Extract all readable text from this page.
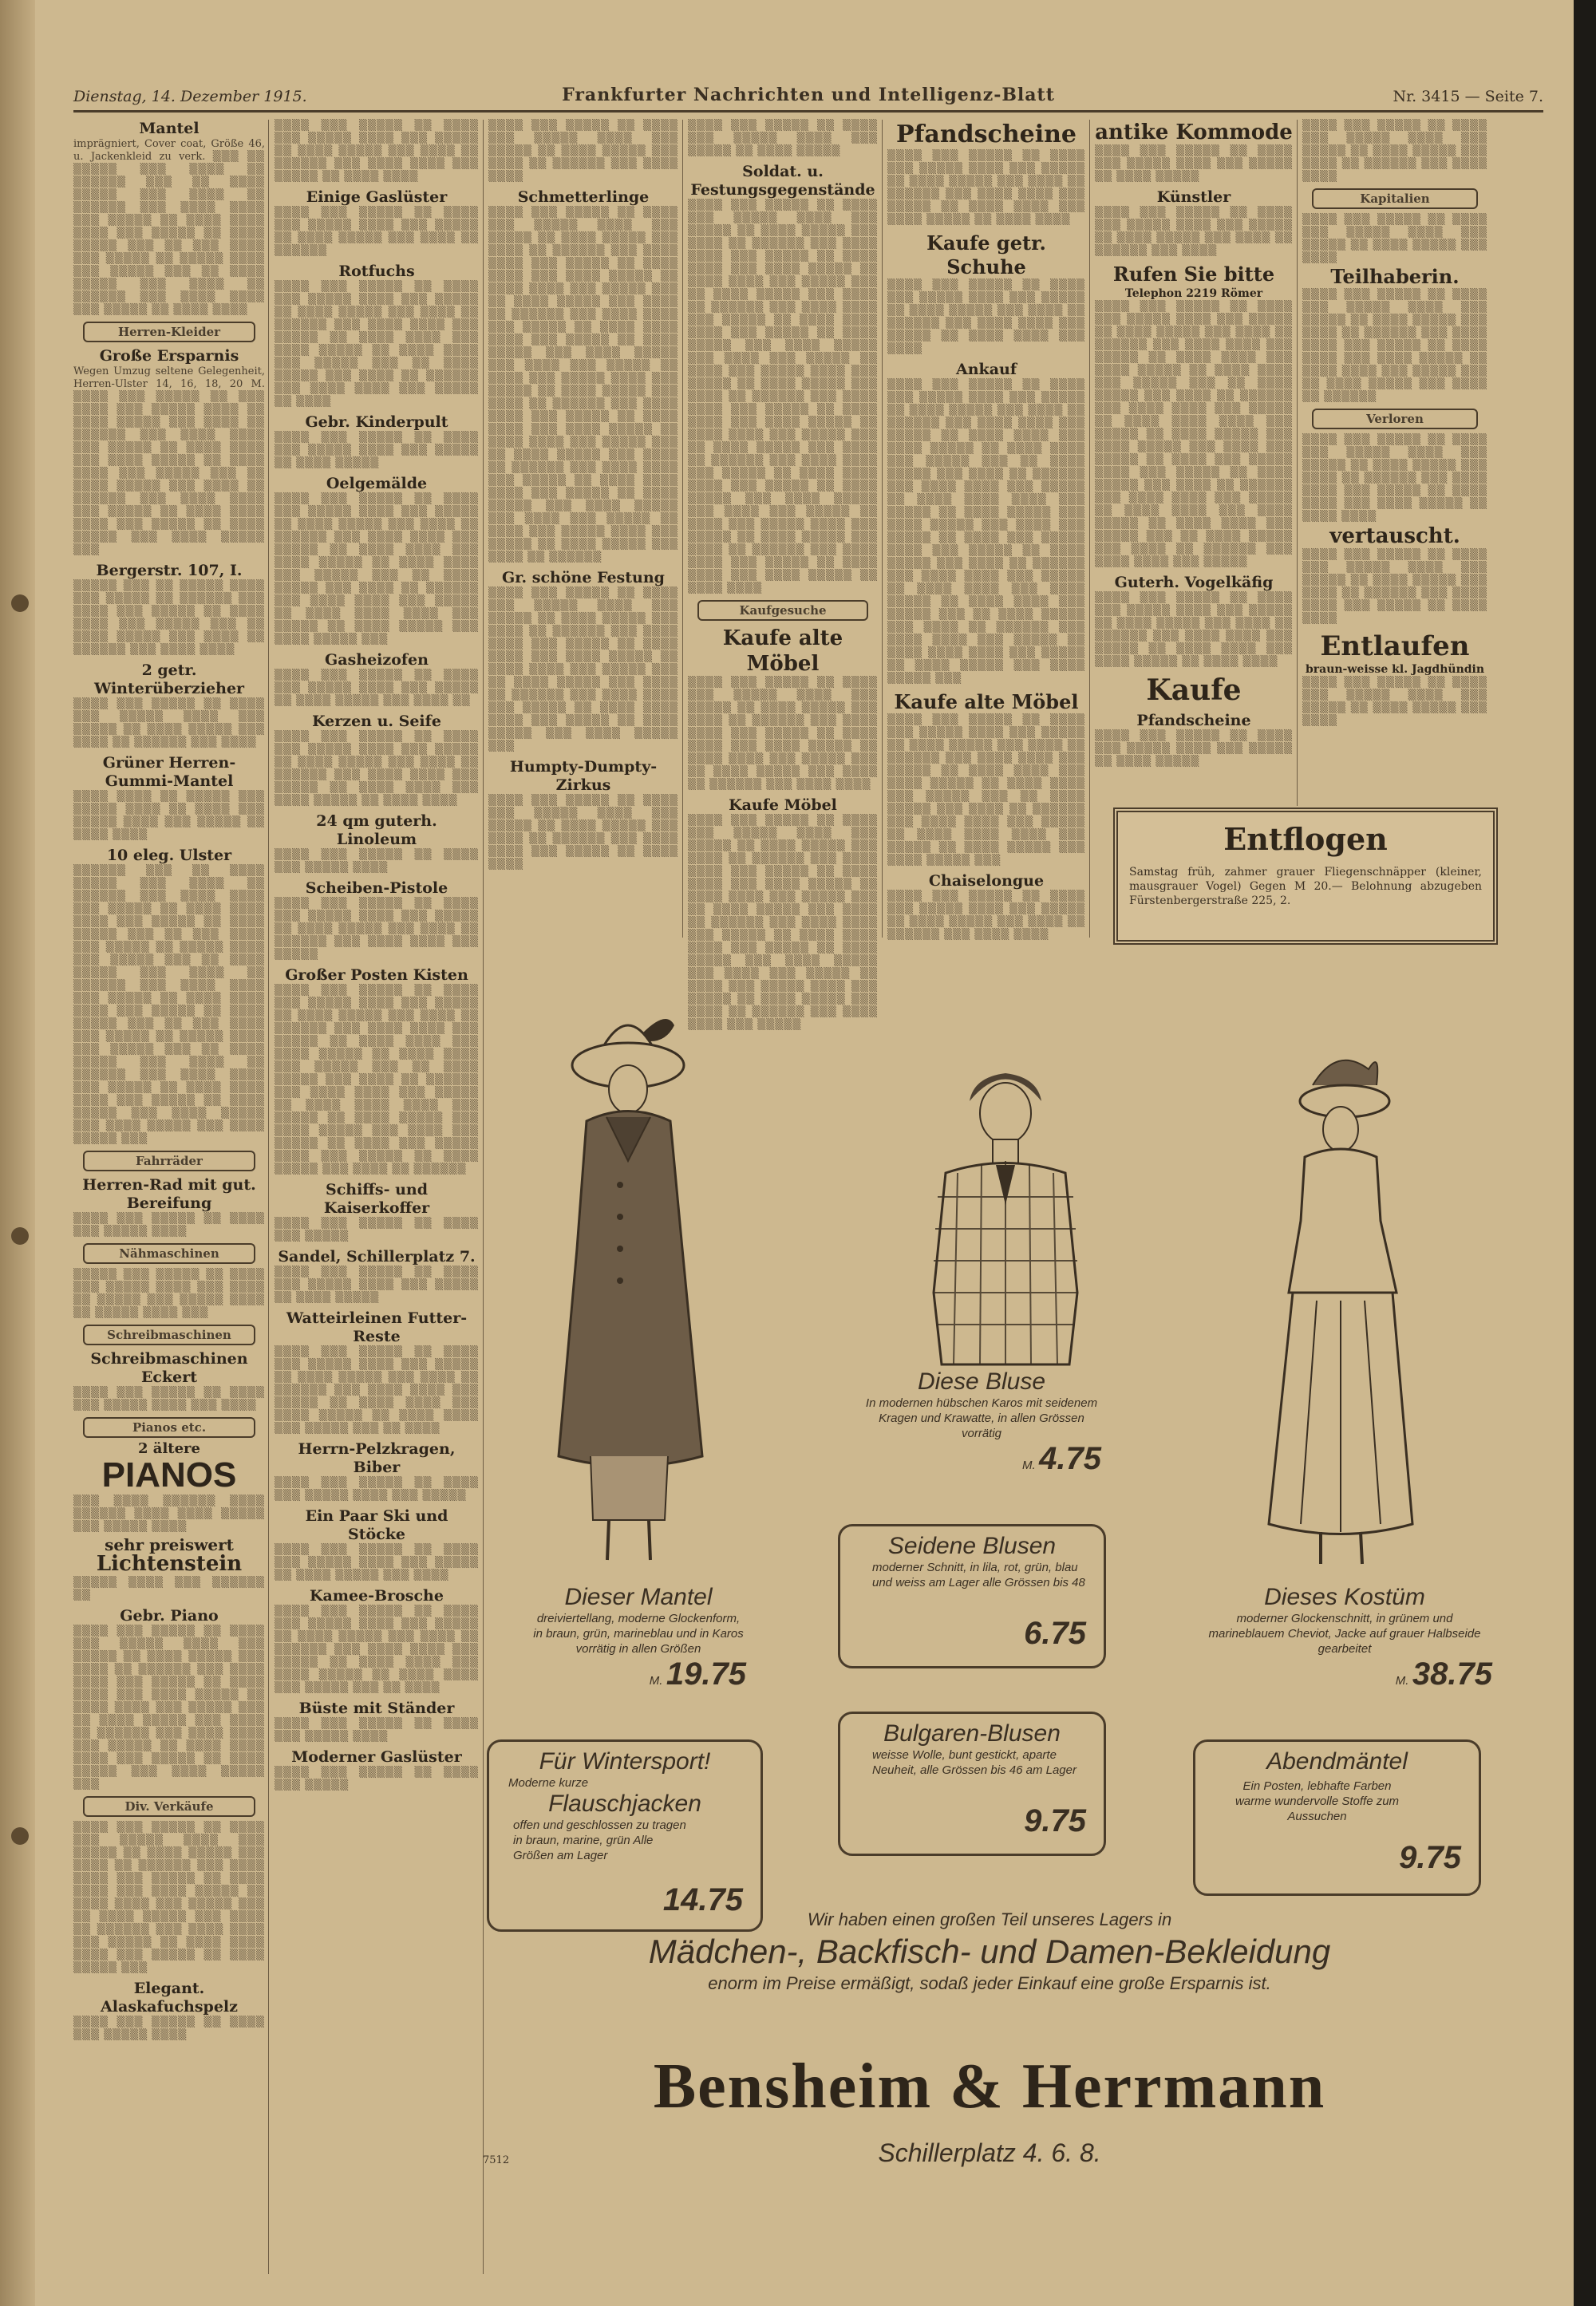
Dienstag, 14. Dezember 1915.	Frankfurter Nachrichten und Intelligenz-Blatt	Nr. 3415 — Seite 7.
Mantel
imprägniert, Cover coat, Größe 46, u. Jackenkleid zu verk. ▒▒▒ ▒▒ ▒▒▒▒▒ ▒▒▒ ▒▒▒▒ ▒▒ ▒▒▒▒▒▒ ▒▒▒ ▒▒ ▒▒▒▒ ▒▒▒▒▒ ▒▒▒ ▒▒▒▒ ▒▒ ▒▒▒▒▒▒ ▒▒▒ ▒▒▒▒ ▒▒▒▒ ▒▒▒ ▒▒▒▒▒ ▒▒ ▒▒▒▒ ▒▒▒▒ ▒▒▒▒ ▒▒▒ ▒▒▒▒▒ ▒▒ ▒▒▒▒ ▒▒▒▒▒ ▒▒▒ ▒▒ ▒▒▒ ▒▒▒▒ ▒▒▒ ▒▒▒▒▒ ▒▒ ▒▒▒▒▒ ▒▒▒▒ ▒▒▒ ▒▒▒▒▒ ▒▒▒ ▒▒ ▒▒▒▒ ▒▒▒▒▒ ▒▒▒ ▒▒▒▒ ▒▒ ▒▒▒▒▒▒ ▒▒▒ ▒▒▒▒ ▒▒▒▒ ▒▒▒ ▒▒▒▒▒ ▒▒ ▒▒▒▒ ▒▒▒▒
Herren-Kleider
Große Ersparnis
Wegen Umzug seltene Gelegenheit, Herren-Ulster 14, 16, 18, 20 M. ▒▒▒▒ ▒▒▒ ▒▒▒▒▒ ▒▒ ▒▒▒ ▒▒▒▒ ▒▒▒ ▒▒▒▒▒ ▒▒▒▒ ▒▒ ▒▒▒▒ ▒▒▒▒▒ ▒▒▒ ▒▒▒▒ ▒▒ ▒▒▒▒▒▒ ▒▒▒ ▒▒▒▒ ▒▒▒▒ ▒▒▒ ▒▒▒▒▒ ▒▒ ▒▒▒▒ ▒▒▒▒ ▒▒▒ ▒▒▒▒ ▒▒▒▒▒ ▒▒ ▒▒▒▒ ▒▒▒▒ ▒▒▒ ▒▒▒▒▒ ▒▒▒ ▒▒ ▒▒▒▒ ▒▒▒▒▒ ▒▒▒ ▒▒▒▒ ▒▒ ▒▒▒▒▒▒ ▒▒▒ ▒▒▒▒ ▒▒▒▒ ▒▒▒ ▒▒▒▒▒ ▒▒ ▒▒▒▒ ▒▒▒▒ ▒▒▒▒ ▒▒▒ ▒▒▒▒▒ ▒▒ ▒▒▒▒ ▒▒▒▒▒ ▒▒▒ ▒▒▒▒ ▒▒▒▒▒ ▒▒▒
Bergerstr. 107, I.
▒▒▒▒▒ ▒▒▒ ▒▒ ▒▒▒▒▒ ▒▒▒▒ ▒▒▒ ▒▒▒▒▒ ▒▒ ▒▒▒▒▒▒ ▒▒▒ ▒▒▒▒ ▒▒▒ ▒▒▒▒▒ ▒▒ ▒▒▒▒ ▒▒▒▒ ▒▒▒ ▒▒▒▒▒ ▒▒▒ ▒▒ ▒▒▒▒ ▒▒▒▒▒ ▒▒▒ ▒▒▒▒ ▒▒ ▒▒▒▒▒▒ ▒▒▒ ▒▒▒▒ ▒▒▒▒
2 getr. Winterüberzieher
▒▒▒▒ ▒▒▒ ▒▒▒▒▒ ▒▒ ▒▒▒▒ ▒▒▒ ▒▒▒▒▒ ▒▒▒▒ ▒▒▒ ▒▒▒▒▒ ▒▒ ▒▒▒▒ ▒▒▒▒▒ ▒▒▒ ▒▒▒▒ ▒▒ ▒▒▒▒▒▒ ▒▒▒ ▒▒▒▒
Grüner Herren-Gummi-Mantel
▒▒▒▒ ▒▒▒▒ ▒▒ ▒▒▒▒▒ ▒▒▒ ▒▒▒▒▒ ▒▒▒▒ ▒▒ ▒▒▒▒ ▒▒▒ ▒▒▒▒▒ ▒▒▒▒ ▒▒▒ ▒▒▒▒▒ ▒▒ ▒▒▒▒ ▒▒▒▒
10 eleg. Ulster
▒▒▒▒▒▒ ▒▒▒ ▒▒ ▒▒▒▒ ▒▒▒▒▒ ▒▒▒ ▒▒▒▒ ▒▒ ▒▒▒▒▒▒ ▒▒▒ ▒▒▒▒ ▒▒▒▒ ▒▒▒ ▒▒▒▒▒ ▒▒ ▒▒▒▒ ▒▒▒▒ ▒▒▒▒ ▒▒▒ ▒▒▒▒▒ ▒▒ ▒▒▒▒ ▒▒▒▒▒ ▒▒▒ ▒▒ ▒▒▒ ▒▒▒▒ ▒▒▒ ▒▒▒▒▒ ▒▒ ▒▒▒▒▒ ▒▒▒▒ ▒▒▒ ▒▒▒▒▒ ▒▒▒ ▒▒ ▒▒▒▒ ▒▒▒▒▒ ▒▒▒ ▒▒▒▒ ▒▒ ▒▒▒▒▒▒ ▒▒▒ ▒▒▒▒ ▒▒▒▒ ▒▒▒ ▒▒▒▒▒ ▒▒ ▒▒▒▒ ▒▒▒▒ ▒▒▒▒ ▒▒▒ ▒▒▒▒▒ ▒▒ ▒▒▒▒ ▒▒▒▒▒ ▒▒▒ ▒▒ ▒▒▒ ▒▒▒▒ ▒▒▒ ▒▒▒▒▒ ▒▒ ▒▒▒▒▒ ▒▒▒▒ ▒▒▒ ▒▒▒▒▒ ▒▒▒ ▒▒ ▒▒▒▒ ▒▒▒▒▒ ▒▒▒ ▒▒▒▒ ▒▒ ▒▒▒▒▒▒ ▒▒▒ ▒▒▒▒ ▒▒▒▒ ▒▒▒ ▒▒▒▒▒ ▒▒ ▒▒▒▒ ▒▒▒▒ ▒▒▒▒ ▒▒▒ ▒▒▒▒▒ ▒▒ ▒▒▒▒ ▒▒▒▒▒ ▒▒▒ ▒▒▒▒ ▒▒▒▒▒ ▒▒▒ ▒▒▒▒ ▒▒▒▒▒ ▒▒▒ ▒▒▒▒ ▒▒▒▒▒ ▒▒▒
Fahrräder
Herren-Rad mit gut. Bereifung
▒▒▒▒ ▒▒▒ ▒▒▒▒▒ ▒▒ ▒▒▒▒ ▒▒▒ ▒▒▒▒▒ ▒▒▒▒
Nähmaschinen
▒▒▒▒▒ ▒▒▒ ▒▒▒▒▒ ▒▒ ▒▒▒▒ ▒▒▒ ▒▒▒▒▒ ▒▒▒▒ ▒▒▒ ▒▒▒▒ ▒▒ ▒▒▒▒▒ ▒▒▒ ▒▒▒▒▒ ▒▒▒▒ ▒▒ ▒▒▒▒▒ ▒▒▒▒ ▒▒▒
Schreibmaschinen
Schreibmaschinen Eckert
▒▒▒▒ ▒▒▒ ▒▒▒▒▒ ▒▒ ▒▒▒▒ ▒▒▒ ▒▒▒▒▒ ▒▒▒▒ ▒▒▒ ▒▒▒▒
Pianos etc.
2 ältere
PIANOS
▒▒▒ ▒▒▒▒ ▒▒▒▒▒▒ ▒▒▒▒ ▒▒▒▒▒▒ ▒▒▒▒ ▒▒▒▒ ▒▒▒▒▒ ▒▒▒ ▒▒▒▒▒ ▒▒▒▒
sehr preiswert
Lichtenstein
▒▒▒▒▒ ▒▒▒▒ ▒▒▒ ▒▒▒▒▒▒ ▒▒
Gebr. Piano
▒▒▒▒ ▒▒▒ ▒▒▒▒▒ ▒▒ ▒▒▒▒ ▒▒▒ ▒▒▒▒▒ ▒▒▒▒ ▒▒▒ ▒▒▒▒▒ ▒▒ ▒▒▒▒ ▒▒▒▒▒ ▒▒▒ ▒▒▒▒ ▒▒ ▒▒▒▒▒▒ ▒▒▒ ▒▒▒▒ ▒▒▒▒ ▒▒▒ ▒▒▒▒▒ ▒▒ ▒▒▒▒ ▒▒▒▒ ▒▒▒ ▒▒▒▒ ▒▒▒▒▒ ▒▒ ▒▒▒▒ ▒▒▒▒ ▒▒▒ ▒▒▒▒▒ ▒▒▒ ▒▒ ▒▒▒▒ ▒▒▒▒▒ ▒▒▒ ▒▒▒▒ ▒▒ ▒▒▒▒▒▒ ▒▒▒ ▒▒▒▒ ▒▒▒▒ ▒▒▒ ▒▒▒▒▒ ▒▒ ▒▒▒▒ ▒▒▒▒ ▒▒▒▒ ▒▒▒ ▒▒▒▒▒ ▒▒ ▒▒▒▒ ▒▒▒▒▒ ▒▒▒ ▒▒▒▒ ▒▒▒▒▒ ▒▒▒
Div. Verkäufe
▒▒▒▒ ▒▒▒ ▒▒▒▒▒ ▒▒ ▒▒▒▒ ▒▒▒ ▒▒▒▒▒ ▒▒▒▒ ▒▒▒ ▒▒▒▒▒ ▒▒ ▒▒▒▒ ▒▒▒▒▒ ▒▒▒ ▒▒▒▒ ▒▒ ▒▒▒▒▒▒ ▒▒▒ ▒▒▒▒ ▒▒▒▒ ▒▒▒ ▒▒▒▒▒ ▒▒ ▒▒▒▒ ▒▒▒▒ ▒▒▒ ▒▒▒▒ ▒▒▒▒▒ ▒▒ ▒▒▒▒ ▒▒▒▒ ▒▒▒ ▒▒▒▒▒ ▒▒▒ ▒▒ ▒▒▒▒ ▒▒▒▒▒ ▒▒▒ ▒▒▒▒ ▒▒ ▒▒▒▒▒▒ ▒▒▒ ▒▒▒▒ ▒▒▒▒ ▒▒▒ ▒▒▒▒▒ ▒▒ ▒▒▒▒ ▒▒▒▒ ▒▒▒▒ ▒▒▒ ▒▒▒▒▒ ▒▒ ▒▒▒▒ ▒▒▒▒▒ ▒▒▒
Elegant. Alaskafuchspelz
▒▒▒▒ ▒▒▒ ▒▒▒▒▒ ▒▒ ▒▒▒▒ ▒▒▒ ▒▒▒▒▒ ▒▒▒▒
▒▒▒▒ ▒▒▒ ▒▒▒▒▒ ▒▒ ▒▒▒▒ ▒▒▒ ▒▒▒▒▒ ▒▒▒▒ ▒▒▒ ▒▒▒▒▒ ▒▒ ▒▒▒▒ ▒▒▒▒▒ ▒▒▒ ▒▒▒▒ ▒▒ ▒▒▒▒▒▒ ▒▒▒ ▒▒▒▒ ▒▒▒▒ ▒▒▒ ▒▒▒▒▒ ▒▒ ▒▒▒▒ ▒▒▒▒
Einige Gaslüster
▒▒▒▒ ▒▒▒ ▒▒▒▒▒ ▒▒ ▒▒▒▒ ▒▒▒ ▒▒▒▒▒ ▒▒▒▒ ▒▒▒ ▒▒▒▒▒ ▒▒ ▒▒▒▒ ▒▒▒▒▒ ▒▒▒ ▒▒▒▒ ▒▒ ▒▒▒▒▒▒
Rotfuchs
▒▒▒▒ ▒▒▒ ▒▒▒▒▒ ▒▒ ▒▒▒▒ ▒▒▒ ▒▒▒▒▒ ▒▒▒▒ ▒▒▒ ▒▒▒▒▒ ▒▒ ▒▒▒▒ ▒▒▒▒▒ ▒▒▒ ▒▒▒▒ ▒▒ ▒▒▒▒▒▒ ▒▒▒ ▒▒▒▒ ▒▒▒▒ ▒▒▒ ▒▒▒▒▒ ▒▒ ▒▒▒▒ ▒▒▒▒ ▒▒▒ ▒▒▒▒ ▒▒▒▒▒ ▒▒ ▒▒▒▒ ▒▒▒▒ ▒▒▒ ▒▒▒▒▒ ▒▒▒ ▒▒ ▒▒▒▒ ▒▒▒▒▒ ▒▒▒ ▒▒▒▒ ▒▒ ▒▒▒▒▒▒ ▒▒▒ ▒▒▒▒ ▒▒▒▒ ▒▒▒ ▒▒▒▒▒ ▒▒ ▒▒▒▒
Gebr. Kinderpult
▒▒▒▒ ▒▒▒ ▒▒▒▒▒ ▒▒ ▒▒▒▒ ▒▒▒ ▒▒▒▒▒ ▒▒▒▒ ▒▒▒ ▒▒▒▒▒ ▒▒ ▒▒▒▒ ▒▒▒▒▒
Oelgemälde
▒▒▒▒ ▒▒▒ ▒▒▒▒▒ ▒▒ ▒▒▒▒ ▒▒▒ ▒▒▒▒▒ ▒▒▒▒ ▒▒▒ ▒▒▒▒▒ ▒▒ ▒▒▒▒ ▒▒▒▒▒ ▒▒▒ ▒▒▒▒ ▒▒ ▒▒▒▒▒▒ ▒▒▒ ▒▒▒▒ ▒▒▒▒ ▒▒▒ ▒▒▒▒▒ ▒▒ ▒▒▒▒ ▒▒▒▒ ▒▒▒ ▒▒▒▒ ▒▒▒▒▒ ▒▒ ▒▒▒▒ ▒▒▒▒ ▒▒▒ ▒▒▒▒▒ ▒▒▒ ▒▒ ▒▒▒▒ ▒▒▒▒▒ ▒▒▒ ▒▒▒▒ ▒▒ ▒▒▒▒▒▒ ▒▒▒ ▒▒▒▒ ▒▒▒▒ ▒▒▒ ▒▒▒▒▒ ▒▒ ▒▒▒▒ ▒▒▒▒ ▒▒▒▒ ▒▒▒ ▒▒▒▒▒ ▒▒ ▒▒▒▒ ▒▒▒▒▒ ▒▒▒ ▒▒▒▒ ▒▒▒▒▒ ▒▒▒
Gasheizofen
▒▒▒▒ ▒▒▒ ▒▒▒▒▒ ▒▒ ▒▒▒▒ ▒▒▒ ▒▒▒▒▒ ▒▒▒▒ ▒▒▒ ▒▒▒▒▒ ▒▒ ▒▒▒▒ ▒▒▒▒▒ ▒▒▒ ▒▒▒▒ ▒▒
Kerzen u. Seife
▒▒▒▒ ▒▒▒ ▒▒▒▒▒ ▒▒ ▒▒▒▒ ▒▒▒ ▒▒▒▒▒ ▒▒▒▒ ▒▒▒ ▒▒▒▒▒ ▒▒ ▒▒▒▒ ▒▒▒▒▒ ▒▒▒ ▒▒▒▒ ▒▒ ▒▒▒▒▒▒ ▒▒▒ ▒▒▒▒ ▒▒▒▒ ▒▒▒ ▒▒▒▒▒ ▒▒ ▒▒▒▒ ▒▒▒▒ ▒▒▒ ▒▒▒▒ ▒▒▒▒▒ ▒▒ ▒▒▒▒ ▒▒▒▒
24 qm guterh. Linoleum
▒▒▒▒ ▒▒▒ ▒▒▒▒▒ ▒▒ ▒▒▒▒ ▒▒▒ ▒▒▒▒▒ ▒▒▒▒
Scheiben-Pistole
▒▒▒▒ ▒▒▒ ▒▒▒▒▒ ▒▒ ▒▒▒▒ ▒▒▒ ▒▒▒▒▒ ▒▒▒▒ ▒▒▒ ▒▒▒▒▒ ▒▒ ▒▒▒▒ ▒▒▒▒▒ ▒▒▒ ▒▒▒▒ ▒▒ ▒▒▒▒▒▒ ▒▒▒ ▒▒▒▒ ▒▒▒▒ ▒▒▒ ▒▒▒▒▒
Großer Posten Kisten
▒▒▒▒ ▒▒▒ ▒▒▒▒▒ ▒▒ ▒▒▒▒ ▒▒▒ ▒▒▒▒▒ ▒▒▒▒ ▒▒▒ ▒▒▒▒▒ ▒▒ ▒▒▒▒ ▒▒▒▒▒ ▒▒▒ ▒▒▒▒ ▒▒ ▒▒▒▒▒▒ ▒▒▒ ▒▒▒▒ ▒▒▒▒ ▒▒▒ ▒▒▒▒▒ ▒▒ ▒▒▒▒ ▒▒▒▒ ▒▒▒ ▒▒▒▒ ▒▒▒▒▒ ▒▒ ▒▒▒▒ ▒▒▒▒ ▒▒▒ ▒▒▒▒▒ ▒▒▒ ▒▒ ▒▒▒▒ ▒▒▒▒▒ ▒▒▒ ▒▒▒▒ ▒▒ ▒▒▒▒▒▒ ▒▒▒ ▒▒▒▒ ▒▒▒▒ ▒▒▒ ▒▒▒▒▒ ▒▒ ▒▒▒▒ ▒▒▒▒ ▒▒▒▒ ▒▒▒ ▒▒▒▒▒ ▒▒ ▒▒▒▒ ▒▒▒▒▒ ▒▒▒ ▒▒▒▒ ▒▒▒▒▒ ▒▒▒ ▒▒▒▒ ▒▒▒ ▒▒▒▒▒ ▒▒ ▒▒▒▒ ▒▒▒ ▒▒▒▒▒ ▒▒▒▒ ▒▒▒ ▒▒▒▒▒ ▒▒ ▒▒▒▒ ▒▒▒▒▒ ▒▒▒ ▒▒▒▒ ▒▒ ▒▒▒▒▒▒
Schiffs- und Kaiserkoffer
▒▒▒▒ ▒▒▒ ▒▒▒▒▒ ▒▒ ▒▒▒▒ ▒▒▒ ▒▒▒▒▒
Sandel, Schillerplatz 7.
▒▒▒▒ ▒▒▒ ▒▒▒▒▒ ▒▒ ▒▒▒▒ ▒▒▒ ▒▒▒▒▒ ▒▒▒▒ ▒▒▒ ▒▒▒▒▒ ▒▒ ▒▒▒▒ ▒▒▒▒▒
Watteirleinen Futter-Reste
▒▒▒▒ ▒▒▒ ▒▒▒▒▒ ▒▒ ▒▒▒▒ ▒▒▒ ▒▒▒▒▒ ▒▒▒▒ ▒▒▒ ▒▒▒▒▒ ▒▒ ▒▒▒▒ ▒▒▒▒▒ ▒▒▒ ▒▒▒▒ ▒▒ ▒▒▒▒▒▒ ▒▒▒ ▒▒▒▒ ▒▒▒▒ ▒▒▒ ▒▒▒▒▒ ▒▒ ▒▒▒▒ ▒▒▒▒ ▒▒▒ ▒▒▒▒ ▒▒▒▒▒ ▒▒ ▒▒▒▒ ▒▒▒▒ ▒▒▒ ▒▒▒▒▒ ▒▒▒ ▒▒ ▒▒▒▒
Herrn-Pelzkragen, Biber
▒▒▒▒ ▒▒▒ ▒▒▒▒▒ ▒▒ ▒▒▒▒ ▒▒▒ ▒▒▒▒▒ ▒▒▒▒ ▒▒▒ ▒▒▒▒▒
Ein Paar Ski und Stöcke
▒▒▒▒ ▒▒▒ ▒▒▒▒▒ ▒▒ ▒▒▒▒ ▒▒▒ ▒▒▒▒▒ ▒▒▒▒ ▒▒▒ ▒▒▒▒▒ ▒▒ ▒▒▒▒ ▒▒▒▒▒ ▒▒▒ ▒▒▒▒
Kamee-Brosche
▒▒▒▒ ▒▒▒ ▒▒▒▒▒ ▒▒ ▒▒▒▒ ▒▒▒ ▒▒▒▒▒ ▒▒▒▒ ▒▒▒ ▒▒▒▒▒ ▒▒ ▒▒▒▒ ▒▒▒▒▒ ▒▒▒ ▒▒▒▒ ▒▒ ▒▒▒▒▒▒ ▒▒▒ ▒▒▒▒ ▒▒▒▒ ▒▒▒ ▒▒▒▒▒ ▒▒ ▒▒▒▒ ▒▒▒▒ ▒▒▒ ▒▒▒▒ ▒▒▒▒▒ ▒▒ ▒▒▒▒ ▒▒▒▒ ▒▒▒ ▒▒▒▒▒ ▒▒▒ ▒▒ ▒▒▒▒
Büste mit Ständer
▒▒▒▒ ▒▒▒ ▒▒▒▒▒ ▒▒ ▒▒▒▒ ▒▒▒ ▒▒▒▒▒ ▒▒▒▒
Moderner Gaslüster
▒▒▒▒ ▒▒▒ ▒▒▒▒▒ ▒▒ ▒▒▒▒ ▒▒▒ ▒▒▒▒▒
▒▒▒▒ ▒▒▒ ▒▒▒▒▒ ▒▒ ▒▒▒▒ ▒▒▒ ▒▒▒▒▒ ▒▒▒▒ ▒▒▒ ▒▒▒▒▒ ▒▒ ▒▒▒▒ ▒▒▒▒▒ ▒▒▒ ▒▒▒▒ ▒▒ ▒▒▒▒▒▒ ▒▒▒ ▒▒▒▒ ▒▒▒▒
Schmetterlinge
▒▒▒▒ ▒▒▒ ▒▒▒▒▒ ▒▒ ▒▒▒▒ ▒▒▒ ▒▒▒▒▒ ▒▒▒▒ ▒▒▒ ▒▒▒▒▒ ▒▒ ▒▒▒▒ ▒▒▒▒▒ ▒▒▒ ▒▒▒▒ ▒▒ ▒▒▒▒▒▒ ▒▒▒ ▒▒▒▒ ▒▒▒▒ ▒▒▒ ▒▒▒▒▒ ▒▒ ▒▒▒▒ ▒▒▒▒ ▒▒▒ ▒▒▒▒ ▒▒▒▒▒ ▒▒ ▒▒▒▒ ▒▒▒▒ ▒▒▒ ▒▒▒▒▒ ▒▒▒ ▒▒ ▒▒▒▒ ▒▒▒▒▒ ▒▒▒ ▒▒▒▒ ▒▒ ▒▒▒▒▒▒ ▒▒▒ ▒▒▒▒ ▒▒▒▒ ▒▒▒ ▒▒▒▒▒ ▒▒ ▒▒▒▒ ▒▒▒▒ ▒▒▒▒ ▒▒▒ ▒▒▒▒▒ ▒▒ ▒▒▒▒ ▒▒▒▒▒ ▒▒▒ ▒▒▒▒ ▒▒▒▒▒ ▒▒▒ ▒▒▒▒ ▒▒▒ ▒▒▒▒▒ ▒▒ ▒▒▒▒ ▒▒▒ ▒▒▒▒▒ ▒▒▒▒ ▒▒▒ ▒▒▒▒▒ ▒▒ ▒▒▒▒ ▒▒▒▒▒ ▒▒▒ ▒▒▒▒ ▒▒ ▒▒▒▒▒▒ ▒▒▒ ▒▒▒▒ ▒▒▒▒ ▒▒▒ ▒▒▒▒▒ ▒▒ ▒▒▒▒ ▒▒▒▒ ▒▒▒ ▒▒▒▒ ▒▒▒▒▒ ▒▒ ▒▒▒▒ ▒▒▒▒ ▒▒▒ ▒▒▒▒▒ ▒▒▒ ▒▒ ▒▒▒▒ ▒▒▒▒▒ ▒▒▒ ▒▒▒▒ ▒▒ ▒▒▒▒▒▒ ▒▒▒ ▒▒▒▒ ▒▒▒▒ ▒▒▒ ▒▒▒▒▒ ▒▒ ▒▒▒▒ ▒▒▒▒ ▒▒▒▒ ▒▒▒ ▒▒▒▒▒ ▒▒ ▒▒▒▒ ▒▒▒▒▒ ▒▒▒ ▒▒▒▒ ▒▒▒▒▒ ▒▒▒ ▒▒▒▒ ▒▒▒ ▒▒▒▒▒ ▒▒ ▒▒▒▒ ▒▒▒ ▒▒▒▒▒ ▒▒▒▒ ▒▒▒ ▒▒▒▒▒ ▒▒ ▒▒▒▒ ▒▒▒▒▒ ▒▒▒ ▒▒▒▒ ▒▒ ▒▒▒▒▒▒
Gr. schöne Festung
▒▒▒▒ ▒▒▒ ▒▒▒▒▒ ▒▒ ▒▒▒▒ ▒▒▒ ▒▒▒▒▒ ▒▒▒▒ ▒▒▒ ▒▒▒▒▒ ▒▒ ▒▒▒▒ ▒▒▒▒▒ ▒▒▒ ▒▒▒▒ ▒▒ ▒▒▒▒▒▒ ▒▒▒ ▒▒▒▒ ▒▒▒▒ ▒▒▒ ▒▒▒▒▒ ▒▒ ▒▒▒▒ ▒▒▒▒ ▒▒▒ ▒▒▒▒ ▒▒▒▒▒ ▒▒ ▒▒▒▒ ▒▒▒▒ ▒▒▒ ▒▒▒▒▒ ▒▒▒ ▒▒ ▒▒▒▒ ▒▒▒▒▒ ▒▒▒ ▒▒▒▒ ▒▒ ▒▒▒▒▒▒ ▒▒▒ ▒▒▒▒ ▒▒▒▒ ▒▒▒ ▒▒▒▒▒ ▒▒ ▒▒▒▒ ▒▒▒▒ ▒▒▒▒ ▒▒▒ ▒▒▒▒▒ ▒▒ ▒▒▒▒ ▒▒▒▒▒ ▒▒▒ ▒▒▒▒ ▒▒▒▒▒ ▒▒▒
Humpty-Dumpty-Zirkus
▒▒▒▒ ▒▒▒ ▒▒▒▒▒ ▒▒ ▒▒▒▒ ▒▒▒ ▒▒▒▒▒ ▒▒▒▒ ▒▒▒ ▒▒▒▒▒ ▒▒ ▒▒▒▒ ▒▒▒▒▒ ▒▒▒ ▒▒▒▒ ▒▒ ▒▒▒▒▒▒ ▒▒▒ ▒▒▒▒ ▒▒▒▒ ▒▒▒ ▒▒▒▒▒ ▒▒ ▒▒▒▒ ▒▒▒▒
▒▒▒▒ ▒▒▒ ▒▒▒▒▒ ▒▒ ▒▒▒▒ ▒▒▒ ▒▒▒▒▒ ▒▒▒▒ ▒▒▒ ▒▒▒▒▒ ▒▒ ▒▒▒▒ ▒▒▒▒▒
Soldat. u. Festungsgegenstände
▒▒▒▒ ▒▒▒ ▒▒▒▒▒ ▒▒ ▒▒▒▒ ▒▒▒ ▒▒▒▒▒ ▒▒▒▒ ▒▒▒ ▒▒▒▒▒ ▒▒ ▒▒▒▒ ▒▒▒▒▒ ▒▒▒ ▒▒▒▒ ▒▒ ▒▒▒▒▒▒ ▒▒▒ ▒▒▒▒ ▒▒▒▒ ▒▒▒ ▒▒▒▒▒ ▒▒ ▒▒▒▒ ▒▒▒▒ ▒▒▒ ▒▒▒▒ ▒▒▒▒▒ ▒▒ ▒▒▒▒ ▒▒▒▒ ▒▒▒ ▒▒▒▒▒ ▒▒▒ ▒▒ ▒▒▒▒ ▒▒▒▒▒ ▒▒▒ ▒▒▒▒ ▒▒ ▒▒▒▒▒▒ ▒▒▒ ▒▒▒▒ ▒▒▒▒ ▒▒▒ ▒▒▒▒▒ ▒▒ ▒▒▒▒ ▒▒▒▒ ▒▒▒▒ ▒▒▒ ▒▒▒▒▒ ▒▒ ▒▒▒▒ ▒▒▒▒▒ ▒▒▒ ▒▒▒▒ ▒▒▒▒▒ ▒▒▒ ▒▒▒▒ ▒▒▒ ▒▒▒▒▒ ▒▒ ▒▒▒▒ ▒▒▒ ▒▒▒▒▒ ▒▒▒▒ ▒▒▒ ▒▒▒▒▒ ▒▒ ▒▒▒▒ ▒▒▒▒▒ ▒▒▒ ▒▒▒▒ ▒▒ ▒▒▒▒▒▒ ▒▒▒ ▒▒▒▒ ▒▒▒▒ ▒▒▒ ▒▒▒▒▒ ▒▒ ▒▒▒▒ ▒▒▒▒ ▒▒▒ ▒▒▒▒ ▒▒▒▒▒ ▒▒ ▒▒▒▒ ▒▒▒▒ ▒▒▒ ▒▒▒▒▒ ▒▒▒ ▒▒ ▒▒▒▒ ▒▒▒▒▒ ▒▒▒ ▒▒▒▒ ▒▒ ▒▒▒▒▒▒ ▒▒▒ ▒▒▒▒ ▒▒▒▒ ▒▒▒ ▒▒▒▒▒ ▒▒ ▒▒▒▒ ▒▒▒▒ ▒▒▒▒ ▒▒▒ ▒▒▒▒▒ ▒▒ ▒▒▒▒ ▒▒▒▒▒ ▒▒▒ ▒▒▒▒ ▒▒▒▒▒ ▒▒▒ ▒▒▒▒ ▒▒▒ ▒▒▒▒▒ ▒▒ ▒▒▒▒ ▒▒▒ ▒▒▒▒▒ ▒▒▒▒ ▒▒▒ ▒▒▒▒▒ ▒▒ ▒▒▒▒ ▒▒▒▒▒ ▒▒▒ ▒▒▒▒ ▒▒ ▒▒▒▒▒▒ ▒▒▒ ▒▒▒▒ ▒▒▒▒ ▒▒▒ ▒▒▒▒▒ ▒▒ ▒▒▒▒ ▒▒▒▒ ▒▒▒ ▒▒▒▒ ▒▒▒▒▒ ▒▒ ▒▒▒▒ ▒▒▒▒
Kaufgesuche
Kaufe alte Möbel
▒▒▒▒ ▒▒▒ ▒▒▒▒▒ ▒▒ ▒▒▒▒ ▒▒▒ ▒▒▒▒▒ ▒▒▒▒ ▒▒▒ ▒▒▒▒▒ ▒▒ ▒▒▒▒ ▒▒▒▒▒ ▒▒▒ ▒▒▒▒ ▒▒ ▒▒▒▒▒▒ ▒▒▒ ▒▒▒▒ ▒▒▒▒ ▒▒▒ ▒▒▒▒▒ ▒▒ ▒▒▒▒ ▒▒▒▒ ▒▒▒ ▒▒▒▒ ▒▒▒▒▒ ▒▒ ▒▒▒▒ ▒▒▒▒ ▒▒▒ ▒▒▒▒▒ ▒▒▒ ▒▒ ▒▒▒▒ ▒▒▒▒▒ ▒▒▒ ▒▒▒▒ ▒▒ ▒▒▒▒▒▒ ▒▒▒ ▒▒▒▒ ▒▒▒▒
Kaufe Möbel
▒▒▒▒ ▒▒▒ ▒▒▒▒▒ ▒▒ ▒▒▒▒ ▒▒▒ ▒▒▒▒▒ ▒▒▒▒ ▒▒▒ ▒▒▒▒▒ ▒▒ ▒▒▒▒ ▒▒▒▒▒ ▒▒▒ ▒▒▒▒ ▒▒ ▒▒▒▒▒▒ ▒▒▒ ▒▒▒▒ ▒▒▒▒ ▒▒▒ ▒▒▒▒▒ ▒▒ ▒▒▒▒ ▒▒▒▒ ▒▒▒ ▒▒▒▒ ▒▒▒▒▒ ▒▒ ▒▒▒▒ ▒▒▒▒ ▒▒▒ ▒▒▒▒▒ ▒▒▒ ▒▒ ▒▒▒▒ ▒▒▒▒▒ ▒▒▒ ▒▒▒▒ ▒▒ ▒▒▒▒▒▒ ▒▒▒ ▒▒▒▒ ▒▒▒▒ ▒▒▒ ▒▒▒▒▒ ▒▒ ▒▒▒▒ ▒▒▒▒ ▒▒▒▒ ▒▒▒ ▒▒▒▒▒ ▒▒ ▒▒▒▒ ▒▒▒▒▒ ▒▒▒ ▒▒▒▒ ▒▒▒▒▒ ▒▒▒ ▒▒▒▒ ▒▒▒ ▒▒▒▒▒ ▒▒ ▒▒▒▒ ▒▒▒ ▒▒▒▒▒ ▒▒▒▒ ▒▒▒ ▒▒▒▒▒ ▒▒ ▒▒▒▒ ▒▒▒▒▒ ▒▒▒ ▒▒▒▒ ▒▒ ▒▒▒▒▒▒ ▒▒▒ ▒▒▒▒ ▒▒▒▒ ▒▒▒ ▒▒▒▒▒
Pfandscheine
▒▒▒▒ ▒▒▒ ▒▒▒▒▒ ▒▒ ▒▒▒▒ ▒▒▒ ▒▒▒▒▒ ▒▒▒▒ ▒▒▒ ▒▒▒▒▒ ▒▒ ▒▒▒▒ ▒▒▒▒▒ ▒▒▒ ▒▒▒▒ ▒▒ ▒▒▒▒▒▒ ▒▒▒ ▒▒▒▒ ▒▒▒▒ ▒▒▒ ▒▒▒▒▒ ▒▒ ▒▒▒▒ ▒▒▒▒ ▒▒▒ ▒▒▒▒ ▒▒▒▒▒ ▒▒ ▒▒▒▒ ▒▒▒▒
Kaufe getr. Schuhe
▒▒▒▒ ▒▒▒ ▒▒▒▒▒ ▒▒ ▒▒▒▒ ▒▒▒ ▒▒▒▒▒ ▒▒▒▒ ▒▒▒ ▒▒▒▒▒ ▒▒ ▒▒▒▒ ▒▒▒▒▒ ▒▒▒ ▒▒▒▒ ▒▒ ▒▒▒▒▒▒ ▒▒▒ ▒▒▒▒ ▒▒▒▒ ▒▒▒ ▒▒▒▒▒ ▒▒ ▒▒▒▒ ▒▒▒▒ ▒▒▒ ▒▒▒▒
Ankauf
▒▒▒▒ ▒▒▒ ▒▒▒▒▒ ▒▒ ▒▒▒▒ ▒▒▒ ▒▒▒▒▒ ▒▒▒▒ ▒▒▒ ▒▒▒▒▒ ▒▒ ▒▒▒▒ ▒▒▒▒▒ ▒▒▒ ▒▒▒▒ ▒▒ ▒▒▒▒▒▒ ▒▒▒ ▒▒▒▒ ▒▒▒▒ ▒▒▒ ▒▒▒▒▒ ▒▒ ▒▒▒▒ ▒▒▒▒ ▒▒▒ ▒▒▒▒ ▒▒▒▒▒ ▒▒ ▒▒▒▒ ▒▒▒▒ ▒▒▒ ▒▒▒▒▒ ▒▒▒ ▒▒ ▒▒▒▒ ▒▒▒▒▒ ▒▒▒ ▒▒▒▒ ▒▒ ▒▒▒▒▒▒ ▒▒▒ ▒▒▒▒ ▒▒▒▒ ▒▒▒ ▒▒▒▒▒ ▒▒ ▒▒▒▒ ▒▒▒▒ ▒▒▒▒ ▒▒▒ ▒▒▒▒▒ ▒▒ ▒▒▒▒ ▒▒▒▒▒ ▒▒▒ ▒▒▒▒ ▒▒▒▒▒ ▒▒▒ ▒▒▒▒ ▒▒▒ ▒▒▒▒▒ ▒▒ ▒▒▒▒ ▒▒▒ ▒▒▒▒▒ ▒▒▒▒ ▒▒▒ ▒▒▒▒▒ ▒▒ ▒▒▒▒ ▒▒▒▒▒ ▒▒▒ ▒▒▒▒ ▒▒ ▒▒▒▒▒▒ ▒▒▒ ▒▒▒▒ ▒▒▒▒ ▒▒▒ ▒▒▒▒▒ ▒▒ ▒▒▒▒ ▒▒▒▒ ▒▒▒ ▒▒▒▒ ▒▒▒▒▒ ▒▒ ▒▒▒▒ ▒▒▒▒ ▒▒▒ ▒▒▒▒▒ ▒▒▒ ▒▒ ▒▒▒▒ ▒▒▒▒▒ ▒▒▒ ▒▒▒▒ ▒▒ ▒▒▒▒▒▒ ▒▒▒ ▒▒▒▒ ▒▒▒▒ ▒▒▒ ▒▒▒▒▒ ▒▒ ▒▒▒▒ ▒▒▒▒ ▒▒▒▒ ▒▒▒ ▒▒▒▒▒ ▒▒ ▒▒▒▒ ▒▒▒▒▒ ▒▒▒ ▒▒▒▒ ▒▒▒▒▒ ▒▒▒
Kaufe alte Möbel
▒▒▒▒ ▒▒▒ ▒▒▒▒▒ ▒▒ ▒▒▒▒ ▒▒▒ ▒▒▒▒▒ ▒▒▒▒ ▒▒▒ ▒▒▒▒▒ ▒▒ ▒▒▒▒ ▒▒▒▒▒ ▒▒▒ ▒▒▒▒ ▒▒ ▒▒▒▒▒▒ ▒▒▒ ▒▒▒▒ ▒▒▒▒ ▒▒▒ ▒▒▒▒▒ ▒▒ ▒▒▒▒ ▒▒▒▒ ▒▒▒ ▒▒▒▒ ▒▒▒▒▒ ▒▒ ▒▒▒▒ ▒▒▒▒ ▒▒▒ ▒▒▒▒▒ ▒▒▒ ▒▒ ▒▒▒▒ ▒▒▒▒▒ ▒▒▒ ▒▒▒▒ ▒▒ ▒▒▒▒▒▒ ▒▒▒ ▒▒▒▒ ▒▒▒▒ ▒▒▒ ▒▒▒▒▒ ▒▒ ▒▒▒▒ ▒▒▒▒ ▒▒▒▒ ▒▒▒ ▒▒▒▒▒ ▒▒ ▒▒▒▒ ▒▒▒▒▒ ▒▒▒ ▒▒▒▒ ▒▒▒▒▒ ▒▒▒
Chaiselongue
▒▒▒▒ ▒▒▒ ▒▒▒▒▒ ▒▒ ▒▒▒▒ ▒▒▒ ▒▒▒▒▒ ▒▒▒▒ ▒▒▒ ▒▒▒▒▒ ▒▒ ▒▒▒▒ ▒▒▒▒▒ ▒▒▒ ▒▒▒▒ ▒▒ ▒▒▒▒▒▒ ▒▒▒ ▒▒▒▒ ▒▒▒▒
antike Kommode
▒▒▒▒ ▒▒▒ ▒▒▒▒▒ ▒▒ ▒▒▒▒ ▒▒▒ ▒▒▒▒▒ ▒▒▒▒ ▒▒▒ ▒▒▒▒▒ ▒▒ ▒▒▒▒ ▒▒▒▒▒
Künstler
▒▒▒▒ ▒▒▒ ▒▒▒▒▒ ▒▒ ▒▒▒▒ ▒▒▒ ▒▒▒▒▒ ▒▒▒▒ ▒▒▒ ▒▒▒▒▒ ▒▒ ▒▒▒▒ ▒▒▒▒▒ ▒▒▒ ▒▒▒▒ ▒▒ ▒▒▒▒▒▒ ▒▒▒ ▒▒▒▒
Rufen Sie bitte
Telephon 2219 Römer
▒▒▒▒ ▒▒▒ ▒▒▒▒▒ ▒▒ ▒▒▒▒ ▒▒▒ ▒▒▒▒▒ ▒▒▒▒ ▒▒▒ ▒▒▒▒▒ ▒▒ ▒▒▒▒ ▒▒▒▒▒ ▒▒▒ ▒▒▒▒ ▒▒ ▒▒▒▒▒▒ ▒▒▒ ▒▒▒▒ ▒▒▒▒ ▒▒▒ ▒▒▒▒▒ ▒▒ ▒▒▒▒ ▒▒▒▒ ▒▒▒ ▒▒▒▒ ▒▒▒▒▒ ▒▒ ▒▒▒▒ ▒▒▒▒ ▒▒▒ ▒▒▒▒▒ ▒▒▒ ▒▒ ▒▒▒▒ ▒▒▒▒▒ ▒▒▒ ▒▒▒▒ ▒▒ ▒▒▒▒▒▒ ▒▒▒ ▒▒▒▒ ▒▒▒▒ ▒▒▒ ▒▒▒▒▒ ▒▒ ▒▒▒▒ ▒▒▒▒ ▒▒▒▒ ▒▒▒ ▒▒▒▒▒ ▒▒ ▒▒▒▒ ▒▒▒▒▒ ▒▒▒ ▒▒▒▒ ▒▒▒▒▒ ▒▒▒ ▒▒▒▒ ▒▒▒ ▒▒▒▒▒ ▒▒ ▒▒▒▒ ▒▒▒ ▒▒▒▒▒ ▒▒▒▒ ▒▒▒ ▒▒▒▒▒ ▒▒ ▒▒▒▒ ▒▒▒▒▒ ▒▒▒ ▒▒▒▒ ▒▒ ▒▒▒▒▒▒ ▒▒▒ ▒▒▒▒ ▒▒▒▒ ▒▒▒ ▒▒▒▒▒ ▒▒ ▒▒▒▒ ▒▒▒▒ ▒▒▒ ▒▒▒▒ ▒▒▒▒▒ ▒▒ ▒▒▒▒ ▒▒▒▒ ▒▒▒ ▒▒▒▒▒ ▒▒▒ ▒▒ ▒▒▒▒ ▒▒▒▒▒ ▒▒▒ ▒▒▒▒ ▒▒ ▒▒▒▒▒▒ ▒▒▒ ▒▒▒▒ ▒▒▒▒ ▒▒▒ ▒▒▒▒▒
Guterh. Vogelkäfig
▒▒▒▒ ▒▒▒ ▒▒▒▒▒ ▒▒ ▒▒▒▒ ▒▒▒ ▒▒▒▒▒ ▒▒▒▒ ▒▒▒ ▒▒▒▒▒ ▒▒ ▒▒▒▒ ▒▒▒▒▒ ▒▒▒ ▒▒▒▒ ▒▒ ▒▒▒▒▒▒ ▒▒▒ ▒▒▒▒ ▒▒▒▒ ▒▒▒ ▒▒▒▒▒ ▒▒ ▒▒▒▒ ▒▒▒▒ ▒▒▒ ▒▒▒▒ ▒▒▒▒▒ ▒▒ ▒▒▒▒ ▒▒▒▒
Kaufe
Pfandscheine
▒▒▒▒ ▒▒▒ ▒▒▒▒▒ ▒▒ ▒▒▒▒ ▒▒▒ ▒▒▒▒▒ ▒▒▒▒ ▒▒▒ ▒▒▒▒▒ ▒▒ ▒▒▒▒ ▒▒▒▒▒
▒▒▒▒ ▒▒▒ ▒▒▒▒▒ ▒▒ ▒▒▒▒ ▒▒▒ ▒▒▒▒▒ ▒▒▒▒ ▒▒▒ ▒▒▒▒▒ ▒▒ ▒▒▒▒ ▒▒▒▒▒ ▒▒▒ ▒▒▒▒ ▒▒ ▒▒▒▒▒▒ ▒▒▒ ▒▒▒▒ ▒▒▒▒
Kapitalien
▒▒▒▒ ▒▒▒ ▒▒▒▒▒ ▒▒ ▒▒▒▒ ▒▒▒ ▒▒▒▒▒ ▒▒▒▒ ▒▒▒ ▒▒▒▒▒ ▒▒ ▒▒▒▒ ▒▒▒▒▒ ▒▒▒ ▒▒▒▒
Teilhaberin.
▒▒▒▒ ▒▒▒ ▒▒▒▒▒ ▒▒ ▒▒▒▒ ▒▒▒ ▒▒▒▒▒ ▒▒▒▒ ▒▒▒ ▒▒▒▒▒ ▒▒ ▒▒▒▒ ▒▒▒▒▒ ▒▒▒ ▒▒▒▒ ▒▒ ▒▒▒▒▒▒ ▒▒▒ ▒▒▒▒ ▒▒▒▒ ▒▒▒ ▒▒▒▒▒ ▒▒ ▒▒▒▒ ▒▒▒▒ ▒▒▒ ▒▒▒▒ ▒▒▒▒▒ ▒▒ ▒▒▒▒ ▒▒▒▒ ▒▒▒ ▒▒▒▒▒ ▒▒▒ ▒▒ ▒▒▒▒ ▒▒▒▒▒ ▒▒▒ ▒▒▒▒ ▒▒ ▒▒▒▒▒▒
Verloren
▒▒▒▒ ▒▒▒ ▒▒▒▒▒ ▒▒ ▒▒▒▒ ▒▒▒ ▒▒▒▒▒ ▒▒▒▒ ▒▒▒ ▒▒▒▒▒ ▒▒ ▒▒▒▒ ▒▒▒▒▒ ▒▒▒ ▒▒▒▒ ▒▒ ▒▒▒▒▒▒ ▒▒▒ ▒▒▒▒ ▒▒▒▒ ▒▒▒ ▒▒▒▒▒ ▒▒ ▒▒▒▒ ▒▒▒▒ ▒▒▒ ▒▒▒▒ ▒▒▒▒▒ ▒▒ ▒▒▒▒ ▒▒▒▒
vertauscht.
▒▒▒▒ ▒▒▒ ▒▒▒▒▒ ▒▒ ▒▒▒▒ ▒▒▒ ▒▒▒▒▒ ▒▒▒▒ ▒▒▒ ▒▒▒▒▒ ▒▒ ▒▒▒▒ ▒▒▒▒▒ ▒▒▒ ▒▒▒▒ ▒▒ ▒▒▒▒▒▒ ▒▒▒ ▒▒▒▒ ▒▒▒▒ ▒▒▒ ▒▒▒▒▒ ▒▒ ▒▒▒▒ ▒▒▒▒
Entlaufen
braun-weisse kl. Jagdhündin
▒▒▒▒ ▒▒▒ ▒▒▒▒▒ ▒▒ ▒▒▒▒ ▒▒▒ ▒▒▒▒▒ ▒▒▒▒ ▒▒▒ ▒▒▒▒▒ ▒▒ ▒▒▒▒ ▒▒▒▒▒ ▒▒▒ ▒▒▒▒
Entflogen
Samstag früh, zahmer grauer Fliegenschnäpper (kleiner, mausgrauer Vogel) Gegen M 20.— Belohnung abzugeben Fürstenbergerstraße 225, 2.
Dieser Mantel
dreiviertellang, moderne Glockenform, in braun, grün, marineblau und in Karos vorrätig in allen Größen
M. 19.75
Diese Bluse
In modernen hübschen Karos mit seidenem Kragen und Krawatte, in allen Grössen vorrätig
M. 4.75
Dieses Kostüm
moderner Glockenschnitt, in grünem und marineblauem Cheviot, Jacke auf grauer Halbseide gearbeitet
M. 38.75
Seidene Blusen
moderner Schnitt, in lila, rot, grün, blau und weiss am Lager alle Grössen bis 48
6.75
Bulgaren-Blusen
weisse Wolle, bunt gestickt, aparte Neuheit, alle Grössen bis 46 am Lager
9.75
Für Wintersport!
Moderne kurze
Flauschjacken
offen und geschlossen zu tragen in braun, marine, grün Alle Größen am Lager
14.75
Abendmäntel
Ein Posten, lebhafte Farben warme wundervolle Stoffe zum Aussuchen
9.75
Wir haben einen großen Teil unseres Lagers in
Mädchen-, Backfisch- und Damen-Bekleidung
enorm im Preise ermäßigt, sodaß jeder Einkauf eine große Ersparnis ist.
Bensheim & Herrmann
Schillerplatz 4. 6. 8.
7512
